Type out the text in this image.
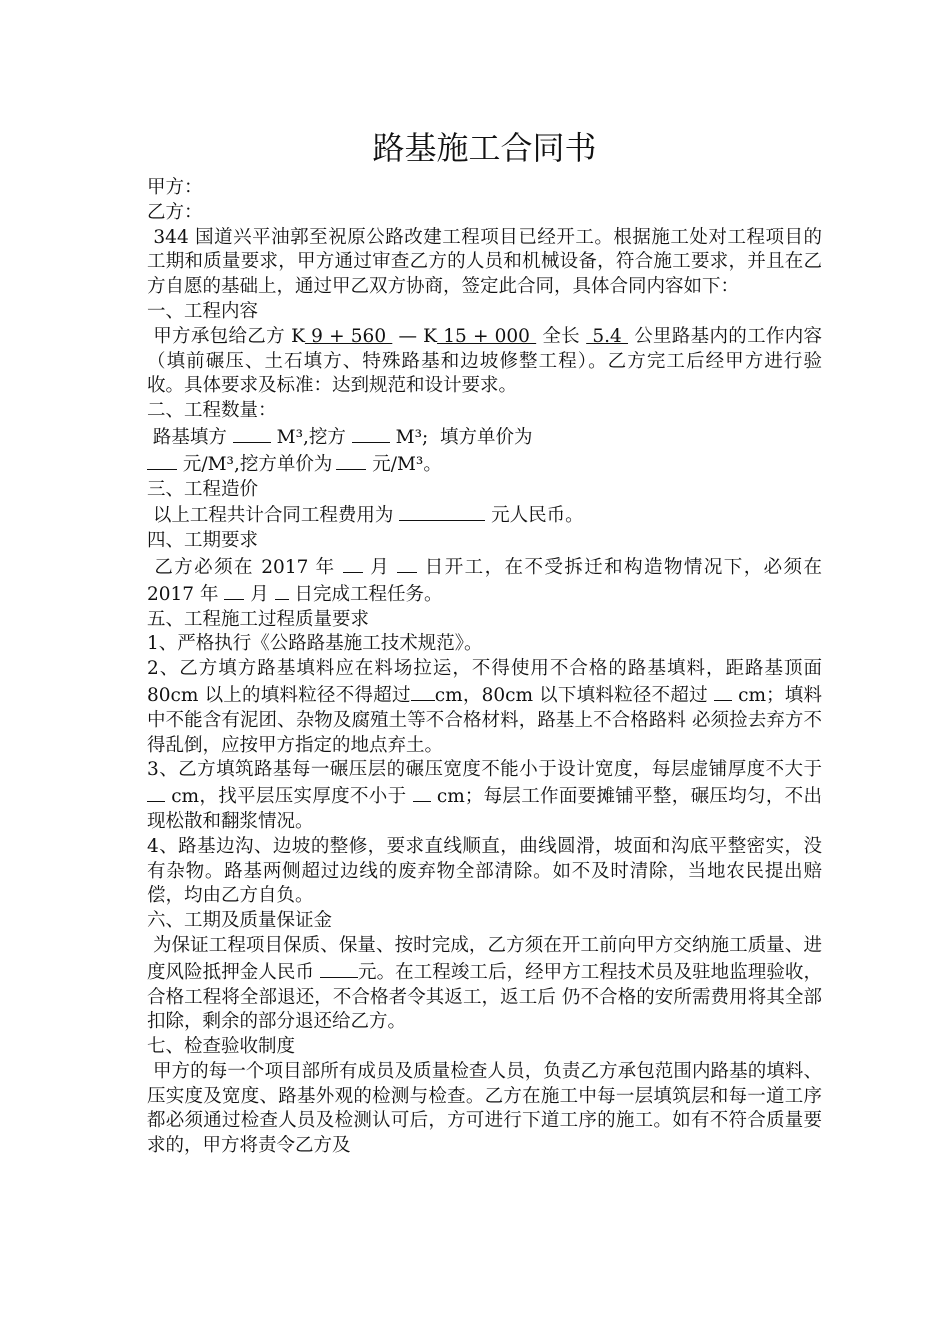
路基施工合同书

甲方：

乙方：

344 国道兴平油郭至祝原公路改建工程项目已经开工。根据施工处对工程项目的工期和质量要求，甲方通过审查乙方的人员和机械设备，符合施工要求，并且在乙方自愿的基础上，通过甲乙双方协商，签定此合同，具体合同内容如下：

一、工程内容

甲方承包给乙方 K 9 + 560  — K 15 + 000  全长  5.4  公里路基内的工作内容（填前碾压、土石填方、特殊路基和边坡修整工程）。乙方完工后经甲方进行验收。具体要求及标准：达到规范和设计要求。

二、工程数量：

路基填方  M³,挖方  M³;  填方单价为

元/M³,挖方单价为 元/M³。

三、工程造价

以上工程共计合同工程费用为	元人民币。

四、工期要求

乙方必须在 2017 年  月  日开工，在不受拆迁和构造物情况下，必须在 2017 年  月  日完成工程任务。

五、工程施工过程质量要求

1、严格执行《公路路基施工技术规范》。

2、乙方填方路基填料应在料场拉运，不得使用不合格的路基填料，距路基顶面 80cm 以上的填料粒径不得超过 cm，80cm 以下填料粒径不超过  cm；填料中不能含有泥团、杂物及腐殖土等不合格材料，路基上不合格路料 必须捡去弃方不得乱倒，应按甲方指定的地点弃土。

3、乙方填筑路基每一碾压层的碾压宽度不能小于设计宽度，每层虚铺厚度不大于  cm，找平层压实厚度不小于  cm；每层工作面要摊铺平整，碾压均匀，不出现松散和翻浆情况。

4、路基边沟、边坡的整修，要求直线顺直，曲线圆滑，坡面和沟底平整密实，没有杂物。路基两侧超过边线的废弃物全部清除。如不及时清除，当地农民提出赔偿，均由乙方自负。

六、工期及质量保证金

为保证工程项目保质、保量、按时完成，乙方须在开工前向甲方交纳施工质量、进度风险抵押金人民币 元。在工程竣工后，经甲方工程技术员及驻地监理验收，合格工程将全部退还，不合格者令其返工，返工后 仍不合格的安所需费用将其全部扣除，剩余的部分退还给乙方。

七、检查验收制度

甲方的每一个项目部所有成员及质量检查人员，负责乙方承包范围内路基的填料、压实度及宽度、路基外观的检测与检查。乙方在施工中每一层填筑层和每一道工序都必须通过检查人员及检测认可后，方可进行下道工序的施工。如有不符合质量要求的，甲方将责令乙方及
